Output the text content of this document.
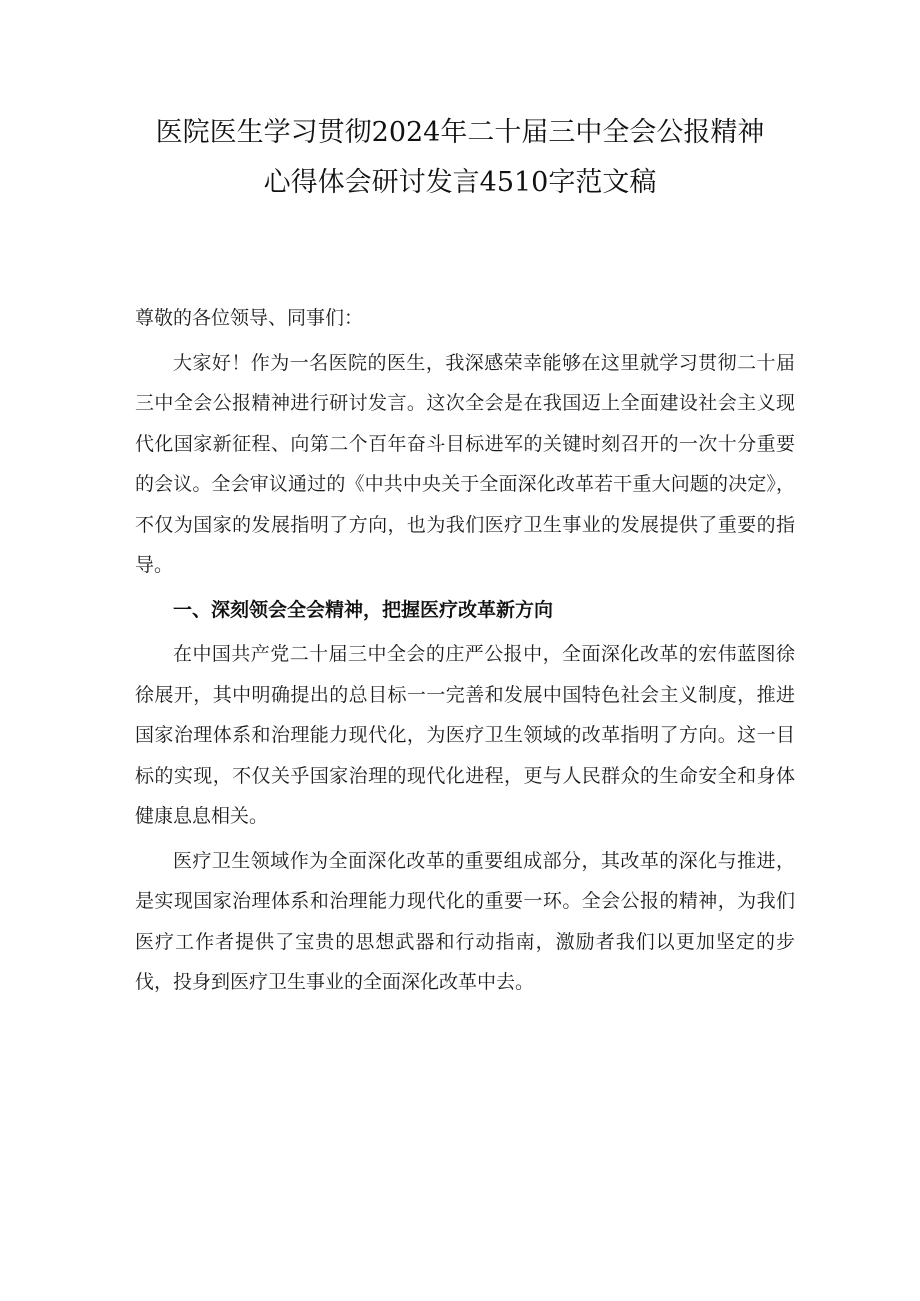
医院医生学习贯彻2024年二十届三中全会公报精神
心得体会研讨发言4510字范文稿

尊敬的各位领导、同事们：

大家好！作为一名医院的医生，我深感荣幸能够在这里就学习贯彻二十届三中全会公报精神进行研讨发言。这次全会是在我国迈上全面建设社会主义现代化国家新征程、向第二个百年奋斗目标进军的关键时刻召开的一次十分重要的会议。全会审议通过的《中共中央关于全面深化改革若干重大问题的决定》，不仅为国家的发展指明了方向，也为我们医疗卫生事业的发展提供了重要的指导。

一、深刻领会全会精神，把握医疗改革新方向

在中国共产党二十届三中全会的庄严公报中，全面深化改革的宏伟蓝图徐徐展开，其中明确提出的总目标一一完善和发展中国特色社会主义制度，推进国家治理体系和治理能力现代化，为医疗卫生领域的改革指明了方向。这一目标的实现，不仅关乎国家治理的现代化进程，更与人民群众的生命安全和身体健康息息相关。

医疗卫生领域作为全面深化改革的重要组成部分，其改革的深化与推进，是实现国家治理体系和治理能力现代化的重要一环。全会公报的精神，为我们医疗工作者提供了宝贵的思想武器和行动指南，激励者我们以更加坚定的步伐，投身到医疗卫生事业的全面深化改革中去。
